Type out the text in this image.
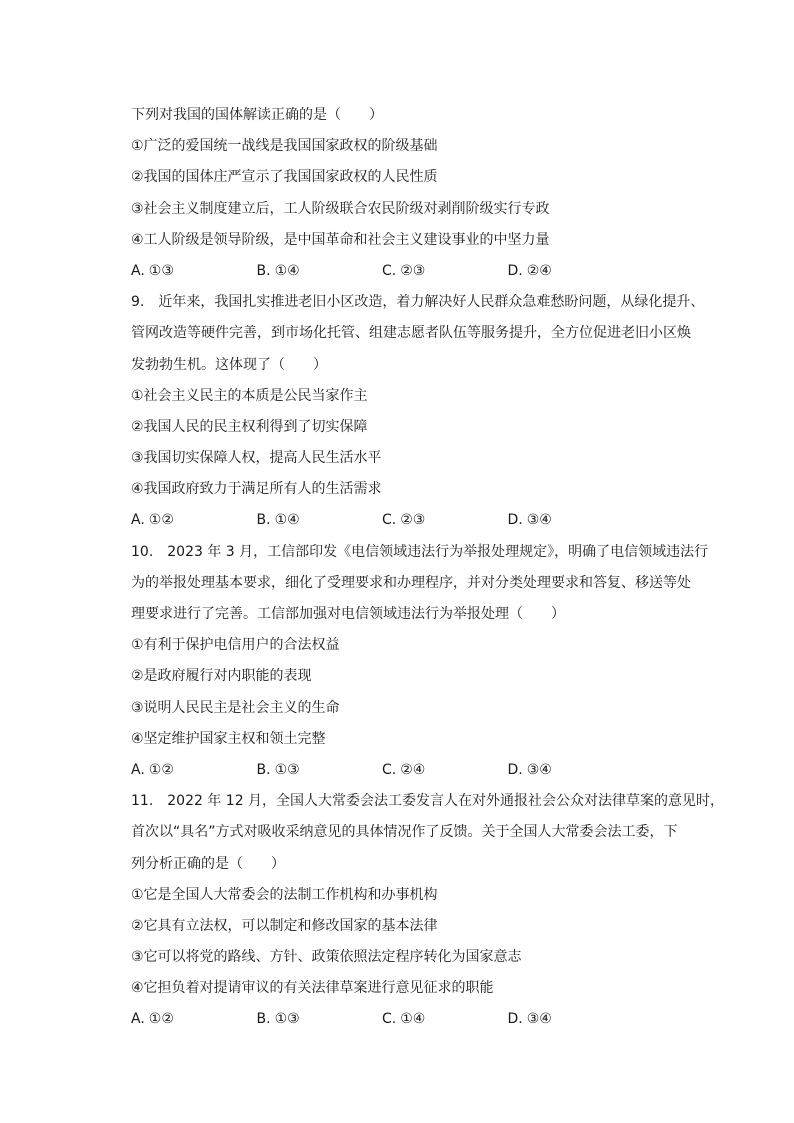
下列对我国的国体解读正确的是（　　）
①广泛的爱国统一战线是我国国家政权的阶级基础
②我国的国体庄严宣示了我国国家政权的人民性质
③社会主义制度建立后，工人阶级联合农民阶级对剥削阶级实行专政
④工人阶级是领导阶级，是中国革命和社会主义建设事业的中坚力量
A. ①③	B. ①④	C. ②③	D. ②④
9.　近年来，我国扎实推进老旧小区改造，着力解决好人民群众急难愁盼问题，从绿化提升、
管网改造等硬件完善，到市场化托管、组建志愿者队伍等服务提升，全方位促进老旧小区焕
发勃勃生机。这体现了（　　）
①社会主义民主的本质是公民当家作主
②我国人民的民主权利得到了切实保障
③我国切实保障人权，提高人民生活水平
④我国政府致力于满足所有人的生活需求
A. ①②	B. ①④	C. ②③	D. ③④
10.　2023 年 3 月，工信部印发《电信领域违法行为举报处理规定》，明确了电信领域违法行
为的举报处理基本要求，细化了受理要求和办理程序，并对分类处理要求和答复、移送等处
理要求进行了完善。工信部加强对电信领域违法行为举报处理（　　）
①有利于保护电信用户的合法权益
②是政府履行对内职能的表现
③说明人民民主是社会主义的生命
④坚定维护国家主权和领土完整
A. ①②	B. ①③	C. ②④	D. ③④
11.　2022 年 12 月，全国人大常委会法工委发言人在对外通报社会公众对法律草案的意见时，
首次以“具名”方式对吸收采纳意见的具体情况作了反馈。关于全国人大常委会法工委，下
列分析正确的是（　　）
①它是全国人大常委会的法制工作机构和办事机构
②它具有立法权，可以制定和修改国家的基本法律
③它可以将党的路线、方针、政策依照法定程序转化为国家意志
④它担负着对提请审议的有关法律草案进行意见征求的职能
A. ①②	B. ①③	C. ①④	D. ③④
